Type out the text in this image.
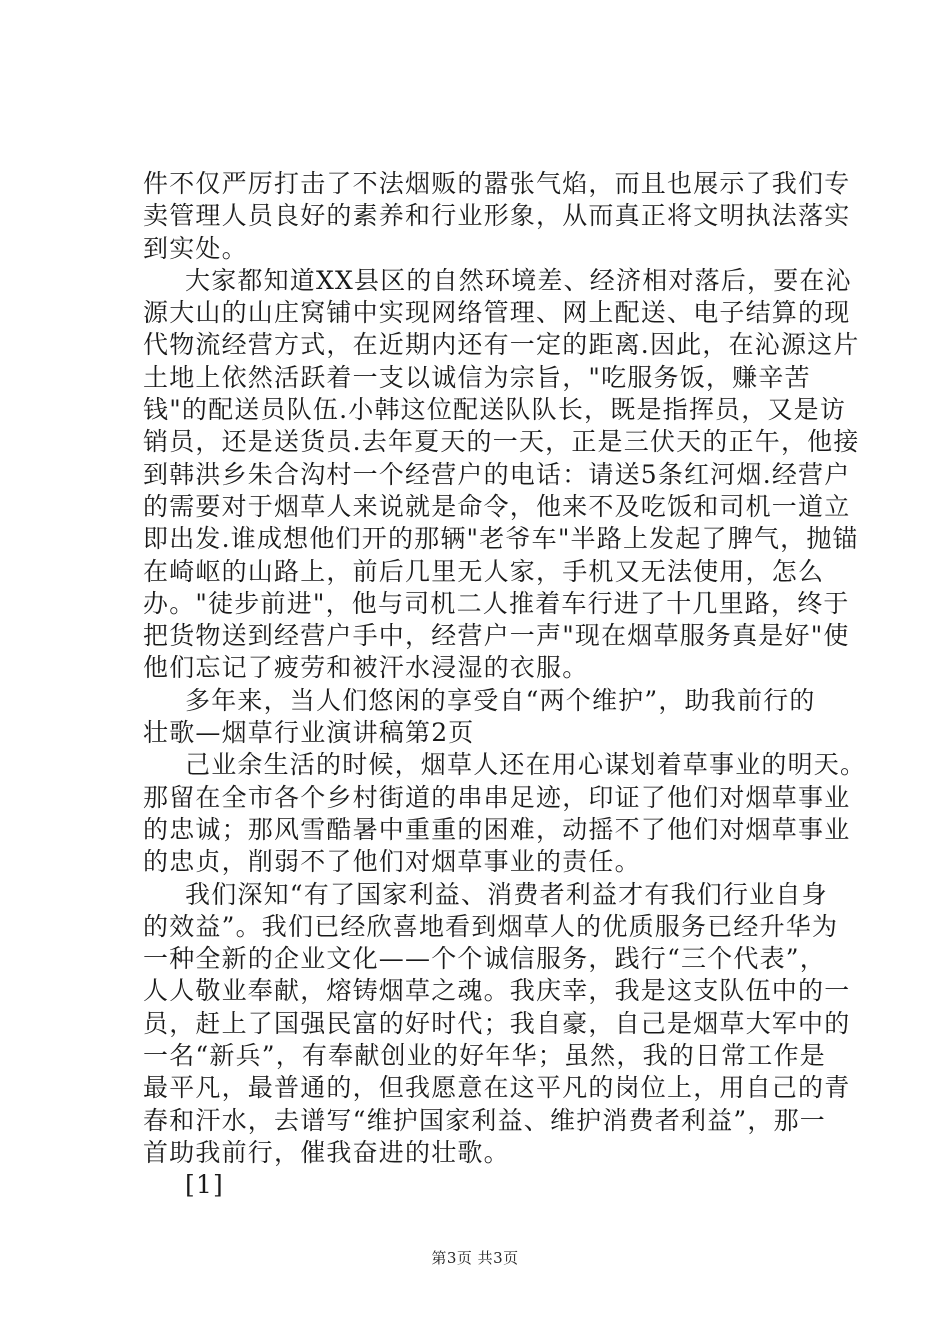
件不仅严厉打击了不法烟贩的嚣张气焰，而且也展示了我们专
卖管理人员良好的素养和行业形象，从而真正将文明执法落实
到实处。
大家都知道XX县区的自然环境差、经济相对落后，要在沁
源大山的山庄窝铺中实现网络管理、网上配送、电子结算的现
代物流经营方式，在近期内还有一定的距离.因此，在沁源这片
土地上依然活跃着一支以诚信为宗旨，"吃服务饭，赚辛苦
钱"的配送员队伍.小韩这位配送队队长，既是指挥员，又是访
销员，还是送货员.去年夏天的一天，正是三伏天的正午，他接
到韩洪乡朱合沟村一个经营户的电话：请送5条红河烟.经营户
的需要对于烟草人来说就是命令，他来不及吃饭和司机一道立
即出发.谁成想他们开的那辆"老爷车"半路上发起了脾气，抛锚
在崎岖的山路上，前后几里无人家，手机又无法使用，怎么
办。"徒步前进"，他与司机二人推着车行进了十几里路，终于
把货物送到经营户手中，经营户一声"现在烟草服务真是好"使
他们忘记了疲劳和被汗水浸湿的衣服。
多年来，当人们悠闲的享受自“两个维护”，助我前行的
壮歌—烟草行业演讲稿第2页
己业余生活的时候，烟草人还在用心谋划着草事业的明天。
那留在全市各个乡村街道的串串足迹，印证了他们对烟草事业
的忠诚；那风雪酷暑中重重的困难，动摇不了他们对烟草事业
的忠贞，削弱不了他们对烟草事业的责任。
我们深知“有了国家利益、消费者利益才有我们行业自身
的效益”。我们已经欣喜地看到烟草人的优质服务已经升华为
一种全新的企业文化——个个诚信服务，践行“三个代表”，
人人敬业奉献，熔铸烟草之魂。我庆幸，我是这支队伍中的一
员，赶上了国强民富的好时代；我自豪，自己是烟草大军中的
一名“新兵”，有奉献创业的好年华；虽然，我的日常工作是
最平凡，最普通的，但我愿意在这平凡的岗位上，用自己的青
春和汗水，去谱写“维护国家利益、维护消费者利益”，那一
首助我前行，催我奋进的壮歌。
[1]
第3页 共3页
